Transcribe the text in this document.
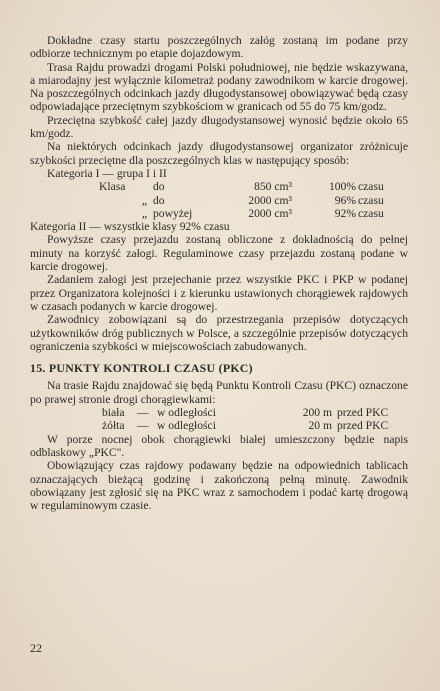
Dokładne czasy startu poszczególnych załóg zostaną im podane przy odbiorze technicznym po etapie dojazdowym.

Trasa Rajdu prowadzi drogami Polski południowej, nie będzie wskazywana, a miarodajny jest wyłącznie kilometraż podany zawodnikom w karcie drogowej. Na poszczególnych odcinkach jazdy długodystansowej obowiązywać będą czasy odpowiadające przeciętnym szybkościom w granicach od 55 do 75 km/godz.

Przeciętna szybkość całej jazdy długodystansowej wynosić będzie około 65 km/godz.

Na niektórych odcinkach jazdy długodystansowej organizator zróżnicuje szybkości przeciętne dla poszczególnych klas w następujący sposób:

Kategoria I — grupa I i II
Klasa	do	850 cm³	100% czasu
„ do	2000 cm³	96% czasu
„ powyżej	2000 cm³	92% czasu
Kategoria II — wszystkie klasy 92% czasu

Powyższe czasy przejazdu zostaną obliczone z dokładnością do pełnej minuty na korzyść załogi. Regulaminowe czasy przejazdu zostaną podane w karcie drogowej.

Zadaniem załogi jest przejechanie przez wszystkie PKC i PKP w podanej przez Organizatora kolejności i z kierunku ustawionych chorągiewek rajdowych w czasach podanych w karcie drogowej.

Zawodnicy zobowiązani są do przestrzegania przepisów dotyczących użytkowników dróg publicznych w Polsce, a szczególnie przepisów dotyczących ograniczenia szybkości w miejscowościach zabudowanych.

15. PUNKTY KONTROLI CZASU (PKC)

Na trasie Rajdu znajdować się będą Punktu Kontroli Czasu (PKC) oznaczone po prawej stronie drogi chorągiewkami:

biała	— w odległości	200 m przed PKC
żółta	— w odległości	20 m przed PKC

W porze nocnej obok chorągiewki białej umieszczony będzie napis odblaskowy „PKC".

Obowiązujący czas rajdowy podawany będzie na odpowiednich tablicach oznaczających bieżącą godzinę i zakończoną pełną minutę. Zawodnik obowiązany jest zgłosić się na PKC wraz z samochodem i podać kartę drogową w regulaminowym czasie.

22
